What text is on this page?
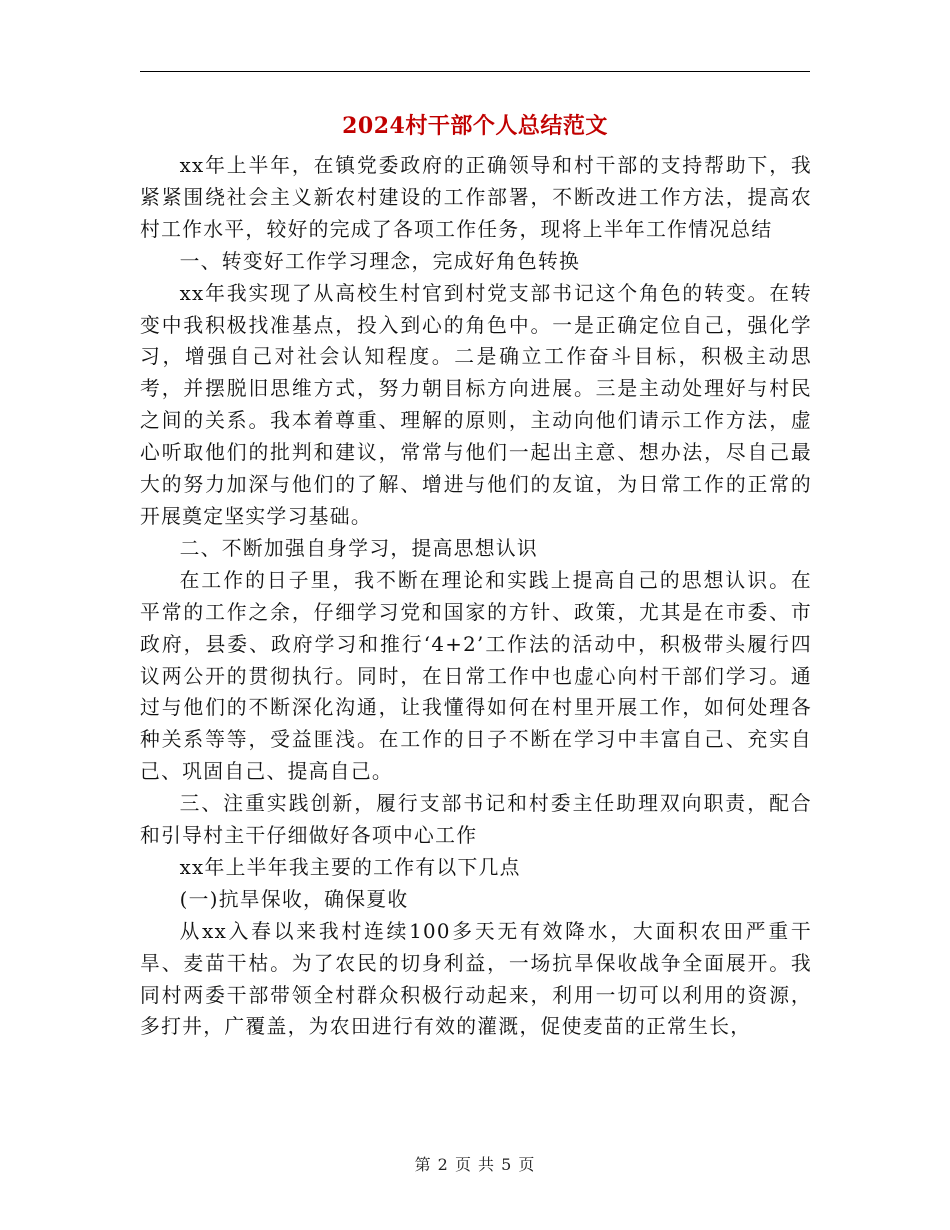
2024村干部个人总结范文

xx年上半年，在镇党委政府的正确领导和村干部的支持帮助下，我紧紧围绕社会主义新农村建设的工作部署，不断改进工作方法，提高农村工作水平，较好的完成了各项工作任务，现将上半年工作情况总结

一、转变好工作学习理念，完成好角色转换

xx年我实现了从高校生村官到村党支部书记这个角色的转变。在转变中我积极找准基点，投入到心的角色中。一是正确定位自己，强化学习，增强自己对社会认知程度。二是确立工作奋斗目标，积极主动思考，并摆脱旧思维方式，努力朝目标方向进展。三是主动处理好与村民之间的关系。我本着尊重、理解的原则，主动向他们请示工作方法，虚心听取他们的批判和建议，常常与他们一起出主意、想办法，尽自己最大的努力加深与他们的了解、增进与他们的友谊，为日常工作的正常的开展奠定坚实学习基础。

二、不断加强自身学习，提高思想认识

在工作的日子里，我不断在理论和实践上提高自己的思想认识。在平常的工作之余，仔细学习党和国家的方针、政策，尤其是在市委、市政府，县委、政府学习和推行‘4+2’工作法的活动中，积极带头履行四议两公开的贯彻执行。同时，在日常工作中也虚心向村干部们学习。通过与他们的不断深化沟通，让我懂得如何在村里开展工作，如何处理各种关系等等，受益匪浅。在工作的日子不断在学习中丰富自己、充实自己、巩固自己、提高自己。

三、注重实践创新，履行支部书记和村委主任助理双向职责，配合和引导村主干仔细做好各项中心工作

xx年上半年我主要的工作有以下几点

(一)抗旱保收，确保夏收

从xx入春以来我村连续100多天无有效降水，大面积农田严重干旱、麦苗干枯。为了农民的切身利益，一场抗旱保收战争全面展开。我同村两委干部带领全村群众积极行动起来，利用一切可以利用的资源，多打井，广覆盖，为农田进行有效的灌溉，促使麦苗的正常生长，

第 2 页 共 5 页
